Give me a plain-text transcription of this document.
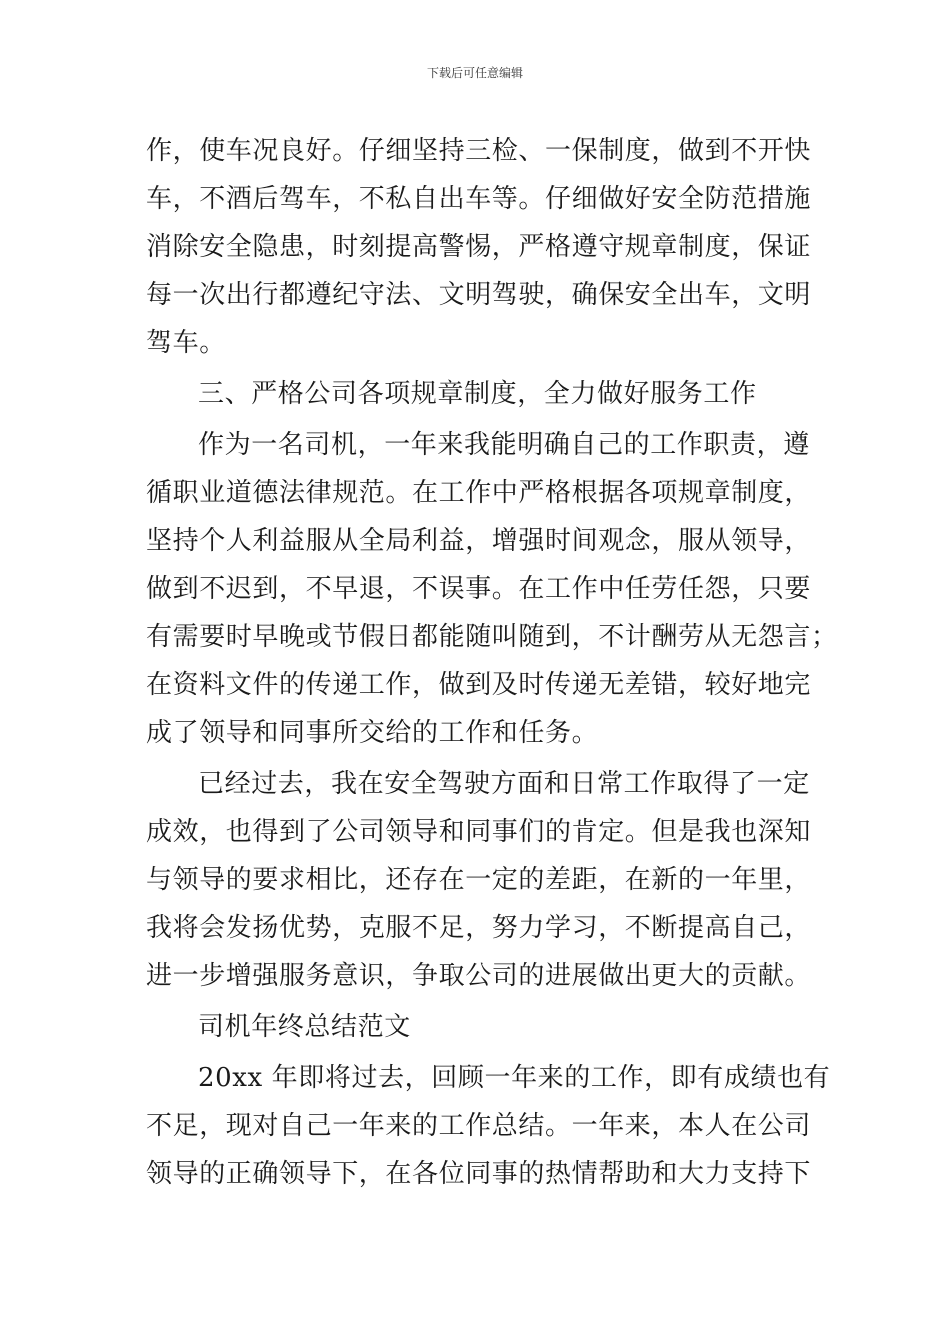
下载后可任意编辑
作，使车况良好。仔细坚持三检、一保制度，做到不开快
车，不酒后驾车，不私自出车等。仔细做好安全防范措施
消除安全隐患，时刻提高警惕，严格遵守规章制度，保证
每一次出行都遵纪守法、文明驾驶，确保安全出车，文明
驾车。
三、严格公司各项规章制度，全力做好服务工作
作为一名司机，一年来我能明确自己的工作职责，遵
循职业道德法律规范。在工作中严格根据各项规章制度，
坚持个人利益服从全局利益，增强时间观念，服从领导，
做到不迟到，不早退，不误事。在工作中任劳任怨，只要
有需要时早晚或节假日都能随叫随到，不计酬劳从无怨言；
在资料文件的传递工作，做到及时传递无差错，较好地完
成了领导和同事所交给的工作和任务。
已经过去，我在安全驾驶方面和日常工作取得了一定
成效，也得到了公司领导和同事们的肯定。但是我也深知
与领导的要求相比，还存在一定的差距，在新的一年里，
我将会发扬优势，克服不足，努力学习，不断提高自己，
进一步增强服务意识，争取公司的进展做出更大的贡献。
司机年终总结范文
20xx 年即将过去，回顾一年来的工作，即有成绩也有
不足，现对自己一年来的工作总结。一年来，本人在公司
领导的正确领导下，在各位同事的热情帮助和大力支持下
